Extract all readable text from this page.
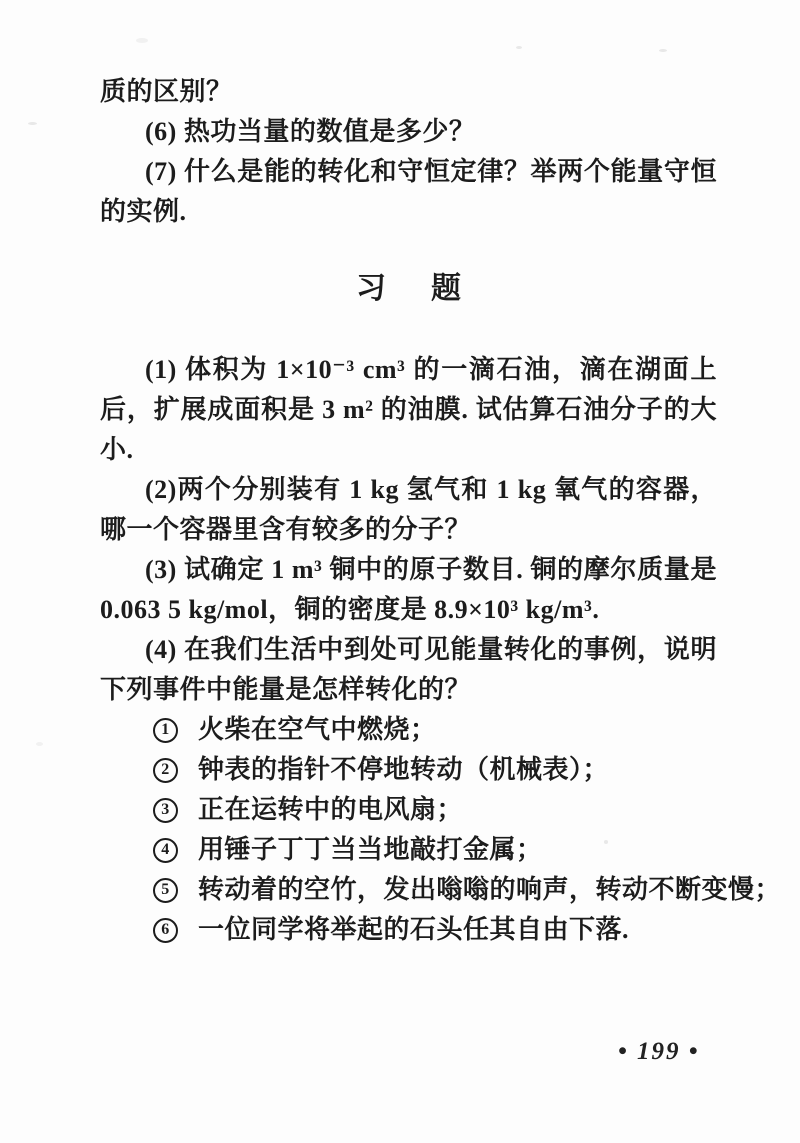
质的区别？

(6) 热功当量的数值是多少？

(7) 什么是能的转化和守恒定律？举两个能量守恒的实例.

习　题

(1) 体积为 1×10⁻³ cm³ 的一滴石油，滴在湖面上后，扩展成面积是 3 m² 的油膜. 试估算石油分子的大小.

(2)两个分别装有 1 kg 氢气和 1 kg 氧气的容器，哪一个容器里含有较多的分子？

(3) 试确定 1 m³ 铜中的原子数目. 铜的摩尔质量是 0.063 5 kg/mol，铜的密度是 8.9×10³ kg/m³.

(4) 在我们生活中到处可见能量转化的事例，说明下列事件中能量是怎样转化的？

1	火柴在空气中燃烧；
2	钟表的指针不停地转动（机械表）；
3	正在运转中的电风扇；
4	用锤子丁丁当当地敲打金属；
5	转动着的空竹，发出嗡嗡的响声，转动不断变慢；
6	一位同学将举起的石头任其自由下落.
• 199 •
